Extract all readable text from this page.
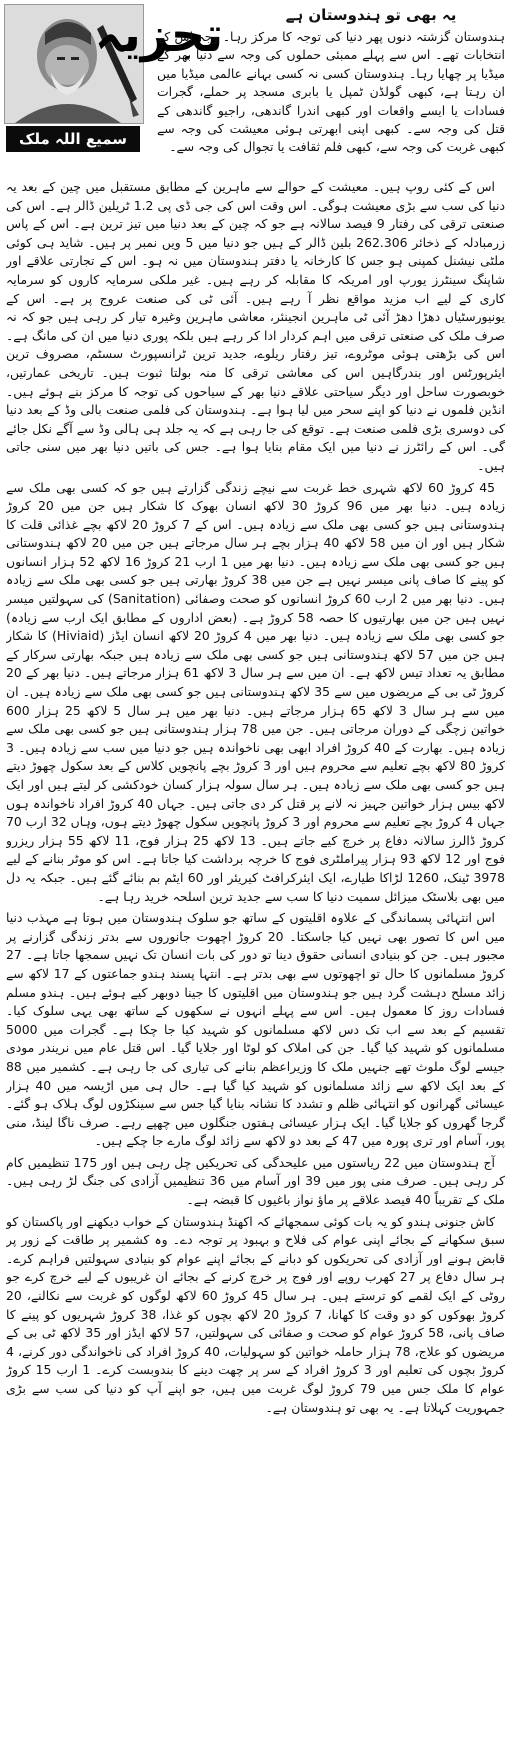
تجزیہ
سمیع اللہ ملک
یہ بھی تو ہندوستان ہے

ہندوستان گزشتہ دنوں پھر دنیا کی توجہ کا مرکز رہا۔ وجہ اس کے انتخابات تھے۔ اس سے پہلے ممبئی حملوں کی وجہ سے دنیا بھر کے میڈیا پر چھایا رہا۔ ہندوستان کسی نہ کسی بہانے عالمی میڈیا میں ان رہتا ہے، کبھی گولڈن ٹمپل یا بابری مسجد پر حملے، گجرات فسادات یا ایسے واقعات اور کبھی اندرا گاندھی، راجیو گاندھی کے قتل کی وجہ سے۔ کبھی اپنی ابھرتی ہوئی معیشت کی وجہ سے کبھی غربت کی وجہ سے، کبھی فلم ثقافت یا تجوال کی وجہ سے۔

اس کے کئی روپ ہیں۔ معیشت کے حوالے سے ماہرین کے مطابق مستقبل میں چین کے بعد یہ دنیا کی سب سے بڑی معیشت ہوگی۔ اس وقت اس کی جی ڈی پی 1.2 ٹریلین ڈالر ہے۔ اس کی صنعتی ترقی کی رفتار 9 فیصد سالانہ ہے جو کہ چین کے بعد دنیا میں تیز ترین ہے۔ اس کے پاس زرمبادلہ کے ذخائر 262.306 بلین ڈالر کے ہیں جو دنیا میں 5 ویں نمبر پر ہیں۔ شاید ہی کوئی ملٹی نیشنل کمپنی ہو جس کا کارخانہ یا دفتر ہندوستان میں نہ ہو۔ اس کے تجارتی علاقے اور شاپنگ سینٹرز یورپ اور امریکہ کا مقابلہ کر رہے ہیں۔ غیر ملکی سرمایہ کاروں کو سرمایہ کاری کے لیے اب مزید مواقع نظر آ رہے ہیں۔ آئی ٹی کی صنعت عروج پر ہے۔ اس کے یونیورسٹیاں دھڑا دھڑ آئی ٹی ماہرین انجینئر، معاشی ماہرین وغیرہ تیار کر رہی ہیں جو کہ نہ صرف ملک کی صنعتی ترقی میں اہم کردار ادا کر رہے ہیں بلکہ پوری دنیا میں ان کی مانگ ہے۔ اس کی بڑھتی ہوئی موٹروے، تیز رفتار ریلوے، جدید ترین ٹرانسپورٹ سسٹم، مصروف ترین ایئرپورٹس اور بندرگاہیں اس کی معاشی ترقی کا منہ بولتا ثبوت ہیں۔ تاریخی عمارتیں، خوبصورت ساحل اور دیگر سیاحتی علاقے دنیا بھر کے سیاحوں کی توجہ کا مرکز بنے ہوئے ہیں۔ انڈین فلموں نے دنیا کو اپنے سحر میں لیا ہوا ہے۔ ہندوستان کی فلمی صنعت بالی وڈ کے بعد دنیا کی دوسری بڑی فلمی صنعت ہے۔ توقع کی جا رہی ہے کہ یہ جلد ہی ہالی وڈ سے آگے نکل جائے گی۔ اس کے رائٹرز نے دنیا میں ایک مقام بنایا ہوا ہے۔ جس کی باتیں دنیا بھر میں سنی جاتی ہیں۔

45 کروڑ 60 لاکھ شہری خط غربت سے نیچے زندگی گزارتے ہیں جو کہ کسی بھی ملک سے زیادہ ہیں۔ دنیا بھر میں 96 کروڑ 30 لاکھ انسان بھوک کا شکار ہیں جن میں 20 کروڑ ہندوستانی ہیں جو کسی بھی ملک سے زیادہ ہیں۔ اس کے 7 کروڑ 20 لاکھ بچے غذائی قلت کا شکار ہیں اور ان میں 58 لاکھ 40 ہزار بچے ہر سال مرجاتے ہیں جن میں 20 لاکھ ہندوستانی ہیں جو کسی بھی ملک سے زیادہ ہیں۔ دنیا بھر میں 1 ارب 21 کروڑ 16 لاکھ 52 ہزار انسانوں کو پینے کا صاف پانی میسر نہیں ہے جن میں 38 کروڑ بھارتی ہیں جو کسی بھی ملک سے زیادہ ہیں۔ دنیا بھر میں 2 ارب 60 کروڑ انسانوں کو صحت وصفائی (Sanitation) کی سہولتیں میسر نہیں ہیں جن میں بھارتیوں کا حصہ 58 کروڑ ہے۔ (بعض اداروں کے مطابق ایک ارب سے زیادہ) جو کسی بھی ملک سے زیادہ ہیں۔ دنیا بھر میں 4 کروڑ 20 لاکھ انسان ایڈز (Hiviaid) کا شکار ہیں جن میں 57 لاکھ ہندوستانی ہیں جو کسی بھی ملک سے زیادہ ہیں جبکہ بھارتی سرکار کے مطابق یہ تعداد تیس لاکھ ہے۔ ان میں سے ہر سال 3 لاکھ 61 ہزار مرجاتے ہیں۔ دنیا بھر کے 20 کروڑ ٹی بی کے مریضوں میں سے 35 لاکھ ہندوستانی ہیں جو کسی بھی ملک سے زیادہ ہیں۔ ان میں سے ہر سال 3 لاکھ 65 ہزار مرجاتے ہیں۔ دنیا بھر میں ہر سال 5 لاکھ 25 ہزار 600 خواتین زچگی کے دوران مرجاتی ہیں۔ جن میں 78 ہزار ہندوستانی ہیں جو کسی بھی ملک سے زیادہ ہیں۔ بھارت کے 40 کروڑ افراد ابھی بھی ناخواندہ ہیں جو دنیا میں سب سے زیادہ ہیں۔ 3 کروڑ 80 لاکھ بچے تعلیم سے محروم ہیں اور 3 کروڑ بچے پانچویں کلاس کے بعد سکول چھوڑ دیتے ہیں جو کسی بھی ملک سے زیادہ ہیں۔ ہر سال سولہ ہزار کسان خودکشی کر لیتے ہیں اور ایک لاکھ بیس ہزار خواتین جہیز نہ لانے پر قتل کر دی جاتی ہیں۔ جہاں 40 کروڑ افراد ناخواندہ ہوں جہاں 4 کروڑ بچے تعلیم سے محروم اور 3 کروڑ پانچویں سکول چھوڑ دیتے ہوں، وہاں 32 ارب 70 کروڑ ڈالرز سالانہ دفاع پر خرچ کیے جاتے ہیں۔ 13 لاکھ 25 ہزار فوج، 11 لاکھ 55 ہزار ریزرو فوج اور 12 لاکھ 93 ہزار پیراملٹری فوج کا خرچہ برداشت کیا جاتا ہے۔ اس کو موٹر بنانے کے لیے 3978 ٹینک، 1260 لڑاکا طیارے، ایک ایئرکرافٹ کیریئر اور 60 ایٹم بم بنائے گئے ہیں۔ جبکہ یہ دل میں بھی بلاسٹک میزائل سمیت دنیا کا سب سے جدید ترین اسلحہ خرید رہا ہے۔

اس انتہائی پسماندگی کے علاوہ اقلیتوں کے ساتھ جو سلوک ہندوستان میں ہوتا ہے مہذب دنیا میں اس کا تصور بھی نہیں کیا جاسکتا۔ 20 کروڑ اچھوت جانوروں سے بدتر زندگی گزارنے پر مجبور ہیں۔ جن کو بنیادی انسانی حقوق دینا تو دور کی بات انسان تک نہیں سمجھا جاتا ہے۔ 27 کروڑ مسلمانوں کا حال تو اچھوتوں سے بھی بدتر ہے۔ انتہا پسند ہندو جماعتوں کے 17 لاکھ سے زائد مسلح دہشت گرد ہیں جو ہندوستان میں اقلیتوں کا جینا دوبھر کیے ہوئے ہیں۔ ہندو مسلم فسادات روز کا معمول ہیں۔ اس سے پہلے انہوں نے سکھوں کے ساتھ بھی یہی سلوک کیا۔ تقسیم کے بعد سے اب تک دس لاکھ مسلمانوں کو شہید کیا جا چکا ہے۔ گجرات میں 5000 مسلمانوں کو شہید کیا گیا۔ جن کی املاک کو لوٹا اور جلایا گیا۔ اس قتل عام میں نریندر مودی جیسے لوگ ملوث تھے جنہیں ملک کا وزیراعظم بنانے کی تیاری کی جا رہی ہے۔ کشمیر میں 88 کے بعد ایک لاکھ سے زائد مسلمانوں کو شہید کیا گیا ہے۔ حال ہی میں اڑیسہ میں 40 ہزار عیسائی گھرانوں کو انتہائی ظلم و تشدد کا نشانہ بنایا گیا جس سے سینکڑوں لوگ ہلاک ہو گئے۔ گرجا گھروں کو جلایا گیا۔ ایک ہزار عیسائی ہفتوں جنگلوں میں چھپے رہے۔ صرف ناگا لینڈ، منی پور، آسام اور تری پورہ میں 47 کے بعد دو لاکھ سے زائد لوگ مارے جا چکے ہیں۔

آج ہندوستان میں 22 ریاستوں میں علیحدگی کی تحریکیں چل رہی ہیں اور 175 تنظیمیں کام کر رہی ہیں۔ صرف منی پور میں 39 اور آسام میں 36 تنظیمیں آزادی کی جنگ لڑ رہی ہیں۔ ملک کے تقریباً 40 فیصد علاقے پر ماؤ نواز باغیوں کا قبضہ ہے۔

کاش جنونی ہندو کو یہ بات کوئی سمجھائے کہ اکھنڈ ہندوستان کے خواب دیکھنے اور پاکستان کو سبق سکھانے کے بجائے اپنی عوام کی فلاح و بہبود پر توجہ دے۔ وہ کشمیر پر طاقت کے زور پر قابض ہونے اور آزادی کی تحریکوں کو دبانے کے بجائے اپنے عوام کو بنیادی سہولتیں فراہم کرے۔ ہر سال دفاع پر 27 کھرب روپے اور فوج پر خرچ کرنے کے بجائے ان غریبوں کے لیے خرچ کرے جو روٹی کے ایک لقمے کو ترستے ہیں۔ ہر سال 45 کروڑ 60 لاکھ لوگوں کو غربت سے نکالنے، 20 کروڑ بھوکوں کو دو وقت کا کھانا، 7 کروڑ 20 لاکھ بچوں کو غذا، 38 کروڑ شہریوں کو پینے کا صاف پانی، 58 کروڑ عوام کو صحت و صفائی کی سہولتیں، 57 لاکھ ایڈز اور 35 لاکھ ٹی بی کے مریضوں کو علاج، 78 ہزار حاملہ خواتین کو سہولیات، 40 کروڑ افراد کی ناخواندگی دور کرنے، 4 کروڑ بچوں کی تعلیم اور 3 کروڑ افراد کے سر پر چھت دینے کا بندوبست کرے۔ 1 ارب 15 کروڑ عوام کا ملک جس میں 79 کروڑ لوگ غربت میں ہیں، جو اپنے آپ کو دنیا کی سب سے بڑی جمہوریت کہلاتا ہے۔ یہ بھی تو ہندوستان ہے۔
